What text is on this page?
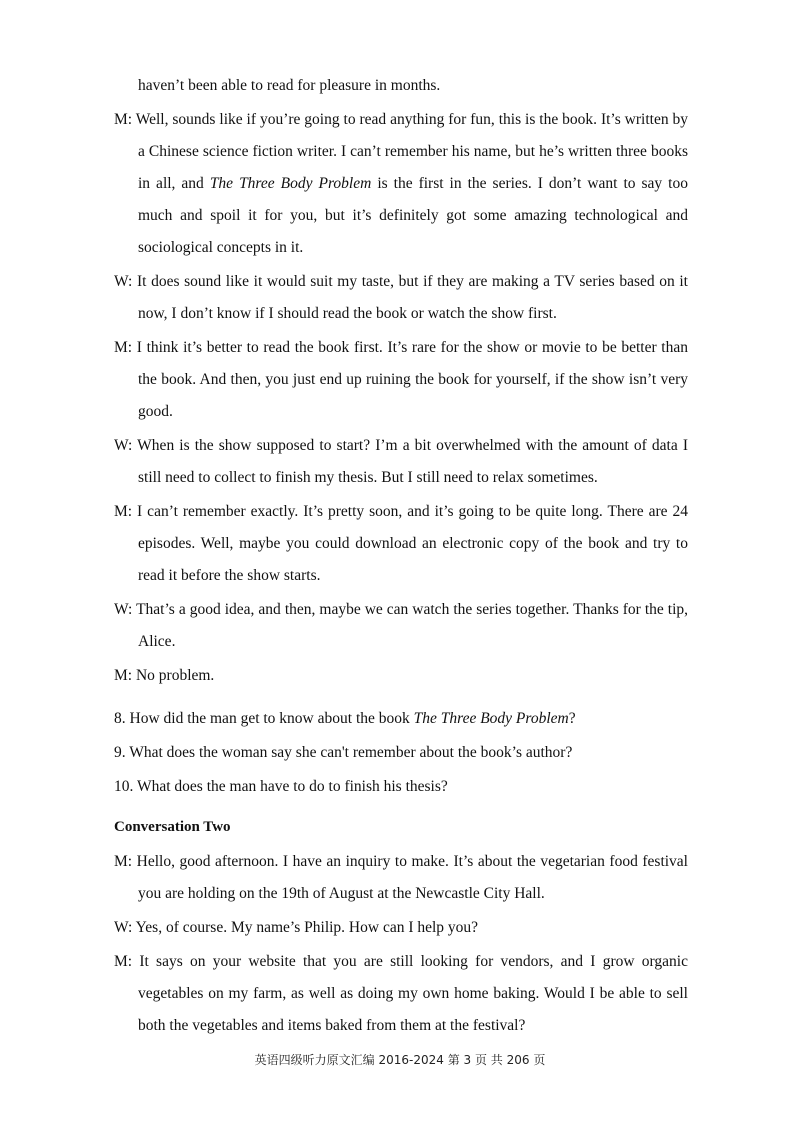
haven’t been able to read for pleasure in months.

M: Well, sounds like if you’re going to read anything for fun, this is the book. It’s written by a Chinese science fiction writer. I can’t remember his name, but he’s written three books in all, and The Three Body Problem is the first in the series. I don’t want to say too much and spoil it for you, but it’s definitely got some amazing technological and sociological concepts in it.

W: It does sound like it would suit my taste, but if they are making a TV series based on it now, I don’t know if I should read the book or watch the show first.

M: I think it’s better to read the book first. It’s rare for the show or movie to be better than the book. And then, you just end up ruining the book for yourself, if the show isn’t very good.

W: When is the show supposed to start? I’m a bit overwhelmed with the amount of data I still need to collect to finish my thesis. But I still need to relax sometimes.

M: I can’t remember exactly. It’s pretty soon, and it’s going to be quite long. There are 24 episodes. Well, maybe you could download an electronic copy of the book and try to read it before the show starts.

W: That’s a good idea, and then, maybe we can watch the series together. Thanks for the tip, Alice.

M: No problem.

8. How did the man get to know about the book The Three Body Problem?

9. What does the woman say she can't remember about the book’s author?

10. What does the man have to do to finish his thesis?

Conversation Two

M: Hello, good afternoon. I have an inquiry to make. It’s about the vegetarian food festival you are holding on the 19th of August at the Newcastle City Hall.

W: Yes, of course. My name’s Philip. How can I help you?

M: It says on your website that you are still looking for vendors, and I grow organic vegetables on my farm, as well as doing my own home baking. Would I be able to sell both the vegetables and items baked from them at the festival?

英语四级听力原文汇编 2016-2024 第 3 页 共 206 页
